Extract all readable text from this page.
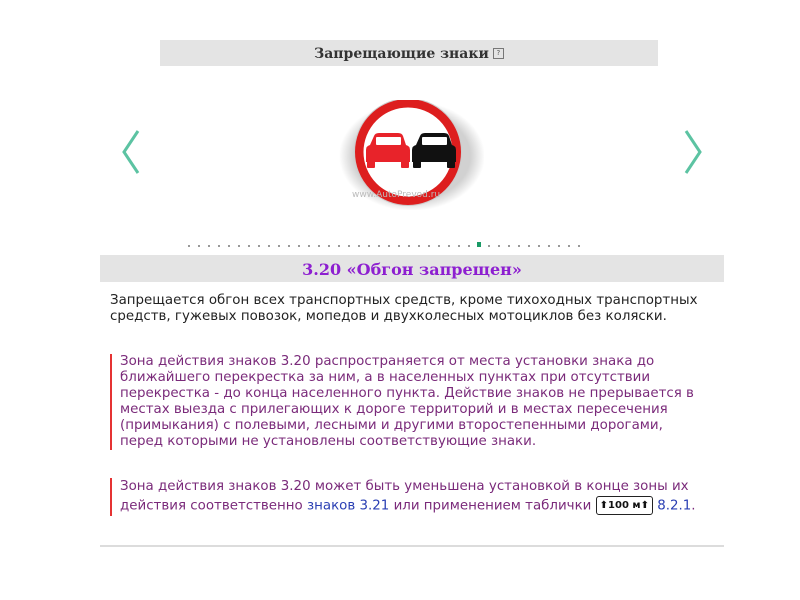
Запрещающие знаки ?
www.AutoPrevod.ru
3.20 «Обгон запрещен»
Запрещается обгон всех транспортных средств, кроме тихоходных транспортных средств, гужевых повозок, мопедов и двухколесных мотоциклов без коляски.
Зона действия знаков 3.20 распространяется от места установки знака до ближайшего перекрестка за ним, а в населенных пунктах при отсутствии перекрестка - до конца населенного пункта. Действие знаков не прерывается в местах выезда с прилегающих к дороге территорий и в местах пересечения (примыкания) с полевыми, лесными и другими второстепенными дорогами, перед которыми не установлены соответствующие знаки.
Зона действия знаков 3.20 может быть уменьшена установкой в конце зоны их действия соответственно знаков 3.21 или применением таблички ⬆100 м⬆ 8.2.1.
